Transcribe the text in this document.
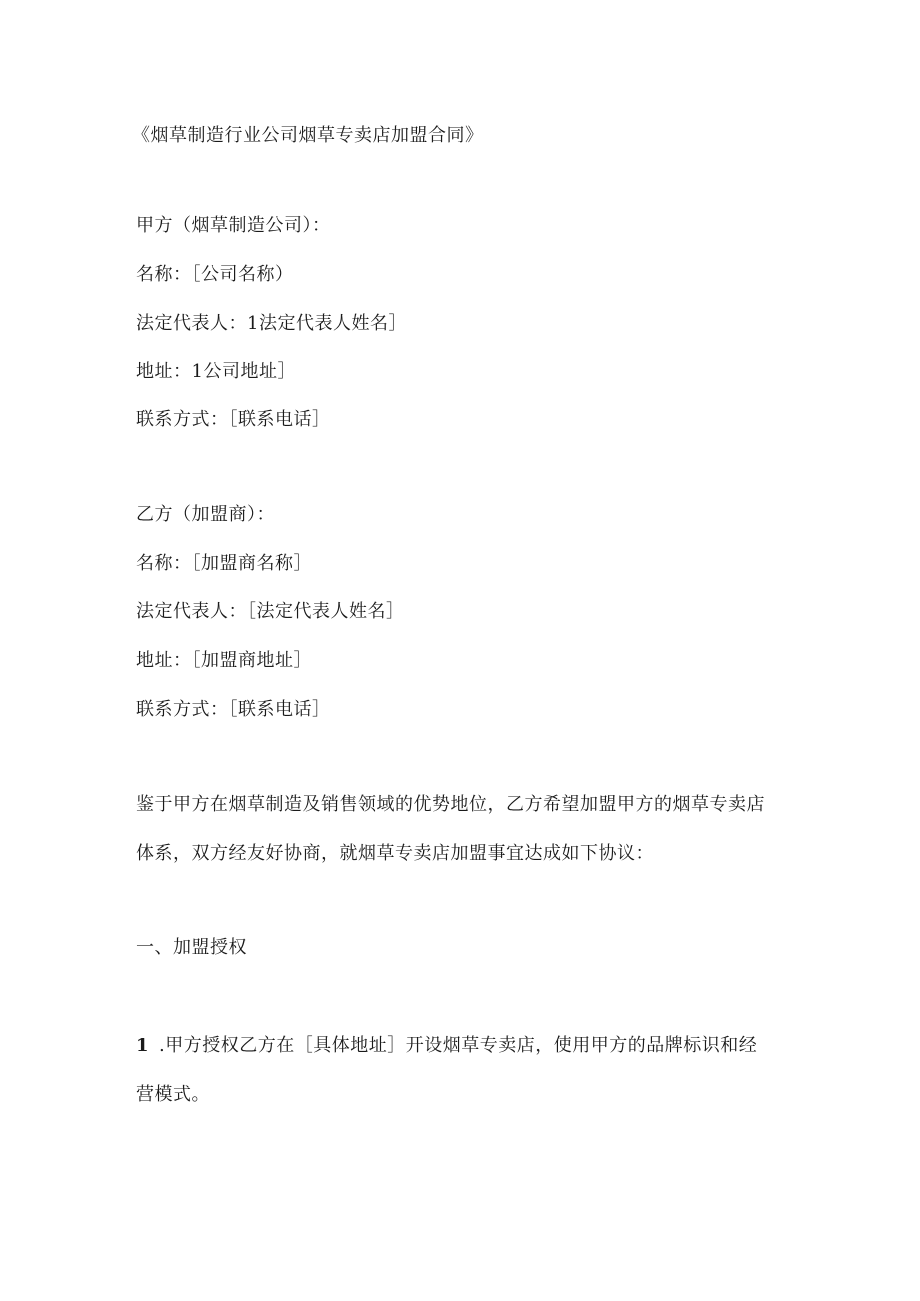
《烟草制造行业公司烟草专卖店加盟合同》
甲方（烟草制造公司）：
名称：［公司名称）
法定代表人：1法定代表人姓名］
地址：1公司地址］
联系方式：［联系电话］
乙方（加盟商）：
名称：［加盟商名称］
法定代表人：［法定代表人姓名］
地址：［加盟商地址］
联系方式：［联系电话］
鉴于甲方在烟草制造及销售领域的优势地位，乙方希望加盟甲方的烟草专卖店
体系，双方经友好协商，就烟草专卖店加盟事宜达成如下协议：
一、加盟授权
1 .甲方授权乙方在［具体地址］开设烟草专卖店，使用甲方的品牌标识和经
营模式。
